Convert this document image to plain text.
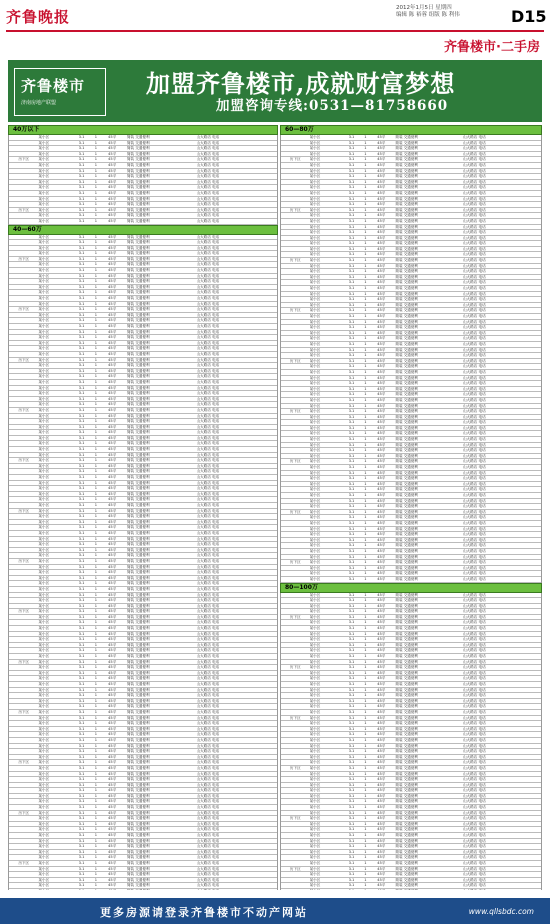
齐鲁晚报	2012年1月5日 星期四
编辑 陈 裕蓉 组版 陈 利伟	D15
齐鲁楼市·二手房
齐鲁楼市
济南房地产联盟
加盟齐鲁楼市,成就财富梦想
加盟咨询专线:0531—81758660
40万以下
某小区	3.1	1	45平	简装 交通便利	山大路店 电话
某小区	3.1	1	45平	简装 交通便利	山大路店 电话
某小区	3.1	1	45平	简装 交通便利	山大路店 电话
某小区	3.1	1	45平	简装 交通便利	山大路店 电话
历下区	某小区	3.1	1	45平	简装 交通便利	山大路店 电话
某小区	3.1	1	45平	简装 交通便利	山大路店 电话
某小区	3.1	1	45平	简装 交通便利	山大路店 电话
某小区	3.1	1	45平	简装 交通便利	山大路店 电话
某小区	3.1	1	45平	简装 交通便利	山大路店 电话
某小区	3.1	1	45平	简装 交通便利	山大路店 电话
某小区	3.1	1	45平	简装 交通便利	山大路店 电话
某小区	3.1	1	45平	简装 交通便利	山大路店 电话
某小区	3.1	1	45平	简装 交通便利	山大路店 电话
历下区	某小区	3.1	1	45平	简装 交通便利	山大路店 电话
某小区	3.1	1	45平	简装 交通便利	山大路店 电话
某小区	3.1	1	45平	简装 交通便利	山大路店 电话
40—60万
某小区	3.1	1	45平	简装 交通便利	山大路店 电话
某小区	3.1	1	45平	简装 交通便利	山大路店 电话
某小区	3.1	1	45平	简装 交通便利	山大路店 电话
某小区	3.1	1	45平	简装 交通便利	山大路店 电话
历下区	某小区	3.1	1	45平	简装 交通便利	山大路店 电话
某小区	3.1	1	45平	简装 交通便利	山大路店 电话
某小区	3.1	1	45平	简装 交通便利	山大路店 电话
某小区	3.1	1	45平	简装 交通便利	山大路店 电话
某小区	3.1	1	45平	简装 交通便利	山大路店 电话
某小区	3.1	1	45平	简装 交通便利	山大路店 电话
某小区	3.1	1	45平	简装 交通便利	山大路店 电话
某小区	3.1	1	45平	简装 交通便利	山大路店 电话
某小区	3.1	1	45平	简装 交通便利	山大路店 电话
历下区	某小区	3.1	1	45平	简装 交通便利	山大路店 电话
某小区	3.1	1	45平	简装 交通便利	山大路店 电话
某小区	3.1	1	45平	简装 交通便利	山大路店 电话
某小区	3.1	1	45平	简装 交通便利	山大路店 电话
某小区	3.1	1	45平	简装 交通便利	山大路店 电话
某小区	3.1	1	45平	简装 交通便利	山大路店 电话
某小区	3.1	1	45平	简装 交通便利	山大路店 电话
某小区	3.1	1	45平	简装 交通便利	山大路店 电话
某小区	3.1	1	45平	简装 交通便利	山大路店 电话
历下区	某小区	3.1	1	45平	简装 交通便利	山大路店 电话
某小区	3.1	1	45平	简装 交通便利	山大路店 电话
某小区	3.1	1	45平	简装 交通便利	山大路店 电话
某小区	3.1	1	45平	简装 交通便利	山大路店 电话
某小区	3.1	1	45平	简装 交通便利	山大路店 电话
某小区	3.1	1	45平	简装 交通便利	山大路店 电话
某小区	3.1	1	45平	简装 交通便利	山大路店 电话
某小区	3.1	1	45平	简装 交通便利	山大路店 电话
某小区	3.1	1	45平	简装 交通便利	山大路店 电话
历下区	某小区	3.1	1	45平	简装 交通便利	山大路店 电话
某小区	3.1	1	45平	简装 交通便利	山大路店 电话
某小区	3.1	1	45平	简装 交通便利	山大路店 电话
某小区	3.1	1	45平	简装 交通便利	山大路店 电话
某小区	3.1	1	45平	简装 交通便利	山大路店 电话
某小区	3.1	1	45平	简装 交通便利	山大路店 电话
某小区	3.1	1	45平	简装 交通便利	山大路店 电话
某小区	3.1	1	45平	简装 交通便利	山大路店 电话
某小区	3.1	1	45平	简装 交通便利	山大路店 电话
历下区	某小区	3.1	1	45平	简装 交通便利	山大路店 电话
某小区	3.1	1	45平	简装 交通便利	山大路店 电话
某小区	3.1	1	45平	简装 交通便利	山大路店 电话
某小区	3.1	1	45平	简装 交通便利	山大路店 电话
某小区	3.1	1	45平	简装 交通便利	山大路店 电话
某小区	3.1	1	45平	简装 交通便利	山大路店 电话
某小区	3.1	1	45平	简装 交通便利	山大路店 电话
某小区	3.1	1	45平	简装 交通便利	山大路店 电话
某小区	3.1	1	45平	简装 交通便利	山大路店 电话
历下区	某小区	3.1	1	45平	简装 交通便利	山大路店 电话
某小区	3.1	1	45平	简装 交通便利	山大路店 电话
某小区	3.1	1	45平	简装 交通便利	山大路店 电话
某小区	3.1	1	45平	简装 交通便利	山大路店 电话
某小区	3.1	1	45平	简装 交通便利	山大路店 电话
某小区	3.1	1	45平	简装 交通便利	山大路店 电话
某小区	3.1	1	45平	简装 交通便利	山大路店 电话
某小区	3.1	1	45平	简装 交通便利	山大路店 电话
某小区	3.1	1	45平	简装 交通便利	山大路店 电话
历下区	某小区	3.1	1	45平	简装 交通便利	山大路店 电话
某小区	3.1	1	45平	简装 交通便利	山大路店 电话
某小区	3.1	1	45平	简装 交通便利	山大路店 电话
某小区	3.1	1	45平	简装 交通便利	山大路店 电话
某小区	3.1	1	45平	简装 交通便利	山大路店 电话
某小区	3.1	1	45平	简装 交通便利	山大路店 电话
某小区	3.1	1	45平	简装 交通便利	山大路店 电话
某小区	3.1	1	45平	简装 交通便利	山大路店 电话
某小区	3.1	1	45平	简装 交通便利	山大路店 电话
历下区	某小区	3.1	1	45平	简装 交通便利	山大路店 电话
某小区	3.1	1	45平	简装 交通便利	山大路店 电话
某小区	3.1	1	45平	简装 交通便利	山大路店 电话
某小区	3.1	1	45平	简装 交通便利	山大路店 电话
某小区	3.1	1	45平	简装 交通便利	山大路店 电话
某小区	3.1	1	45平	简装 交通便利	山大路店 电话
某小区	3.1	1	45平	简装 交通便利	山大路店 电话
某小区	3.1	1	45平	简装 交通便利	山大路店 电话
某小区	3.1	1	45平	简装 交通便利	山大路店 电话
历下区	某小区	3.1	1	45平	简装 交通便利	山大路店 电话
某小区	3.1	1	45平	简装 交通便利	山大路店 电话
某小区	3.1	1	45平	简装 交通便利	山大路店 电话
某小区	3.1	1	45平	简装 交通便利	山大路店 电话
某小区	3.1	1	45平	简装 交通便利	山大路店 电话
某小区	3.1	1	45平	简装 交通便利	山大路店 电话
某小区	3.1	1	45平	简装 交通便利	山大路店 电话
某小区	3.1	1	45平	简装 交通便利	山大路店 电话
某小区	3.1	1	45平	简装 交通便利	山大路店 电话
历下区	某小区	3.1	1	45平	简装 交通便利	山大路店 电话
某小区	3.1	1	45平	简装 交通便利	山大路店 电话
某小区	3.1	1	45平	简装 交通便利	山大路店 电话
某小区	3.1	1	45平	简装 交通便利	山大路店 电话
某小区	3.1	1	45平	简装 交通便利	山大路店 电话
某小区	3.1	1	45平	简装 交通便利	山大路店 电话
某小区	3.1	1	45平	简装 交通便利	山大路店 电话
某小区	3.1	1	45平	简装 交通便利	山大路店 电话
某小区	3.1	1	45平	简装 交通便利	山大路店 电话
历下区	某小区	3.1	1	45平	简装 交通便利	山大路店 电话
某小区	3.1	1	45平	简装 交通便利	山大路店 电话
某小区	3.1	1	45平	简装 交通便利	山大路店 电话
某小区	3.1	1	45平	简装 交通便利	山大路店 电话
某小区	3.1	1	45平	简装 交通便利	山大路店 电话
某小区	3.1	1	45平	简装 交通便利	山大路店 电话
某小区	3.1	1	45平	简装 交通便利	山大路店 电话
某小区	3.1	1	45平	简装 交通便利	山大路店 电话
某小区	3.1	1	45平	简装 交通便利	山大路店 电话
历下区	某小区	3.1	1	45平	简装 交通便利	山大路店 电话
某小区	3.1	1	45平	简装 交通便利	山大路店 电话
某小区	3.1	1	45平	简装 交通便利	山大路店 电话
某小区	3.1	1	45平	简装 交通便利	山大路店 电话
某小区	3.1	1	45平	简装 交通便利	山大路店 电话
某小区	3.1	1	45平	简装 交通便利	山大路店 电话
某小区	3.1	1	45平	简装 交通便利	山大路店 电话
某小区	3.1	1	45平	简装 交通便利	山大路店 电话
某小区	3.1	1	45平	简装 交通便利	山大路店 电话
历下区	某小区	3.1	1	45平	简装 交通便利	山大路店 电话
某小区	3.1	1	45平	简装 交通便利	山大路店 电话
某小区	3.1	1	45平	简装 交通便利	山大路店 电话
某小区	3.1	1	45平	简装 交通便利	山大路店 电话
某小区	3.1	1	45平	简装 交通便利	山大路店 电话
60—80万
某小区	3.1	1	45平	简装 交通便利	山大路店 电话
某小区	3.1	1	45平	简装 交通便利	山大路店 电话
某小区	3.1	1	45平	简装 交通便利	山大路店 电话
某小区	3.1	1	45平	简装 交通便利	山大路店 电话
历下区	某小区	3.1	1	45平	简装 交通便利	山大路店 电话
某小区	3.1	1	45平	简装 交通便利	山大路店 电话
某小区	3.1	1	45平	简装 交通便利	山大路店 电话
某小区	3.1	1	45平	简装 交通便利	山大路店 电话
某小区	3.1	1	45平	简装 交通便利	山大路店 电话
某小区	3.1	1	45平	简装 交通便利	山大路店 电话
某小区	3.1	1	45平	简装 交通便利	山大路店 电话
某小区	3.1	1	45平	简装 交通便利	山大路店 电话
某小区	3.1	1	45平	简装 交通便利	山大路店 电话
历下区	某小区	3.1	1	45平	简装 交通便利	山大路店 电话
某小区	3.1	1	45平	简装 交通便利	山大路店 电话
某小区	3.1	1	45平	简装 交通便利	山大路店 电话
某小区	3.1	1	45平	简装 交通便利	山大路店 电话
某小区	3.1	1	45平	简装 交通便利	山大路店 电话
某小区	3.1	1	45平	简装 交通便利	山大路店 电话
某小区	3.1	1	45平	简装 交通便利	山大路店 电话
某小区	3.1	1	45平	简装 交通便利	山大路店 电话
某小区	3.1	1	45平	简装 交通便利	山大路店 电话
历下区	某小区	3.1	1	45平	简装 交通便利	山大路店 电话
某小区	3.1	1	45平	简装 交通便利	山大路店 电话
某小区	3.1	1	45平	简装 交通便利	山大路店 电话
某小区	3.1	1	45平	简装 交通便利	山大路店 电话
某小区	3.1	1	45平	简装 交通便利	山大路店 电话
某小区	3.1	1	45平	简装 交通便利	山大路店 电话
某小区	3.1	1	45平	简装 交通便利	山大路店 电话
某小区	3.1	1	45平	简装 交通便利	山大路店 电话
某小区	3.1	1	45平	简装 交通便利	山大路店 电话
历下区	某小区	3.1	1	45平	简装 交通便利	山大路店 电话
某小区	3.1	1	45平	简装 交通便利	山大路店 电话
某小区	3.1	1	45平	简装 交通便利	山大路店 电话
某小区	3.1	1	45平	简装 交通便利	山大路店 电话
某小区	3.1	1	45平	简装 交通便利	山大路店 电话
某小区	3.1	1	45平	简装 交通便利	山大路店 电话
某小区	3.1	1	45平	简装 交通便利	山大路店 电话
某小区	3.1	1	45平	简装 交通便利	山大路店 电话
某小区	3.1	1	45平	简装 交通便利	山大路店 电话
历下区	某小区	3.1	1	45平	简装 交通便利	山大路店 电话
某小区	3.1	1	45平	简装 交通便利	山大路店 电话
某小区	3.1	1	45平	简装 交通便利	山大路店 电话
某小区	3.1	1	45平	简装 交通便利	山大路店 电话
某小区	3.1	1	45平	简装 交通便利	山大路店 电话
某小区	3.1	1	45平	简装 交通便利	山大路店 电话
某小区	3.1	1	45平	简装 交通便利	山大路店 电话
某小区	3.1	1	45平	简装 交通便利	山大路店 电话
某小区	3.1	1	45平	简装 交通便利	山大路店 电话
历下区	某小区	3.1	1	45平	简装 交通便利	山大路店 电话
某小区	3.1	1	45平	简装 交通便利	山大路店 电话
某小区	3.1	1	45平	简装 交通便利	山大路店 电话
某小区	3.1	1	45平	简装 交通便利	山大路店 电话
某小区	3.1	1	45平	简装 交通便利	山大路店 电话
某小区	3.1	1	45平	简装 交通便利	山大路店 电话
某小区	3.1	1	45平	简装 交通便利	山大路店 电话
某小区	3.1	1	45平	简装 交通便利	山大路店 电话
某小区	3.1	1	45平	简装 交通便利	山大路店 电话
历下区	某小区	3.1	1	45平	简装 交通便利	山大路店 电话
某小区	3.1	1	45平	简装 交通便利	山大路店 电话
某小区	3.1	1	45平	简装 交通便利	山大路店 电话
某小区	3.1	1	45平	简装 交通便利	山大路店 电话
某小区	3.1	1	45平	简装 交通便利	山大路店 电话
某小区	3.1	1	45平	简装 交通便利	山大路店 电话
某小区	3.1	1	45平	简装 交通便利	山大路店 电话
某小区	3.1	1	45平	简装 交通便利	山大路店 电话
某小区	3.1	1	45平	简装 交通便利	山大路店 电话
历下区	某小区	3.1	1	45平	简装 交通便利	山大路店 电话
某小区	3.1	1	45平	简装 交通便利	山大路店 电话
某小区	3.1	1	45平	简装 交通便利	山大路店 电话
某小区	3.1	1	45平	简装 交通便利	山大路店 电话
某小区	3.1	1	45平	简装 交通便利	山大路店 电话
某小区	3.1	1	45平	简装 交通便利	山大路店 电话
某小区	3.1	1	45平	简装 交通便利	山大路店 电话
某小区	3.1	1	45平	简装 交通便利	山大路店 电话
某小区	3.1	1	45平	简装 交通便利	山大路店 电话
历下区	某小区	3.1	1	45平	简装 交通便利	山大路店 电话
某小区	3.1	1	45平	简装 交通便利	山大路店 电话
某小区	3.1	1	45平	简装 交通便利	山大路店 电话
某小区	3.1	1	45平	简装 交通便利	山大路店 电话
80—100万
某小区	3.1	1	45平	简装 交通便利	山大路店 电话
某小区	3.1	1	45平	简装 交通便利	山大路店 电话
某小区	3.1	1	45平	简装 交通便利	山大路店 电话
某小区	3.1	1	45平	简装 交通便利	山大路店 电话
历下区	某小区	3.1	1	45平	简装 交通便利	山大路店 电话
某小区	3.1	1	45平	简装 交通便利	山大路店 电话
某小区	3.1	1	45平	简装 交通便利	山大路店 电话
某小区	3.1	1	45平	简装 交通便利	山大路店 电话
某小区	3.1	1	45平	简装 交通便利	山大路店 电话
某小区	3.1	1	45平	简装 交通便利	山大路店 电话
某小区	3.1	1	45平	简装 交通便利	山大路店 电话
某小区	3.1	1	45平	简装 交通便利	山大路店 电话
某小区	3.1	1	45平	简装 交通便利	山大路店 电话
历下区	某小区	3.1	1	45平	简装 交通便利	山大路店 电话
某小区	3.1	1	45平	简装 交通便利	山大路店 电话
某小区	3.1	1	45平	简装 交通便利	山大路店 电话
某小区	3.1	1	45平	简装 交通便利	山大路店 电话
某小区	3.1	1	45平	简装 交通便利	山大路店 电话
某小区	3.1	1	45平	简装 交通便利	山大路店 电话
某小区	3.1	1	45平	简装 交通便利	山大路店 电话
某小区	3.1	1	45平	简装 交通便利	山大路店 电话
某小区	3.1	1	45平	简装 交通便利	山大路店 电话
历下区	某小区	3.1	1	45平	简装 交通便利	山大路店 电话
某小区	3.1	1	45平	简装 交通便利	山大路店 电话
某小区	3.1	1	45平	简装 交通便利	山大路店 电话
某小区	3.1	1	45平	简装 交通便利	山大路店 电话
某小区	3.1	1	45平	简装 交通便利	山大路店 电话
某小区	3.1	1	45平	简装 交通便利	山大路店 电话
某小区	3.1	1	45平	简装 交通便利	山大路店 电话
某小区	3.1	1	45平	简装 交通便利	山大路店 电话
某小区	3.1	1	45平	简装 交通便利	山大路店 电话
历下区	某小区	3.1	1	45平	简装 交通便利	山大路店 电话
某小区	3.1	1	45平	简装 交通便利	山大路店 电话
某小区	3.1	1	45平	简装 交通便利	山大路店 电话
某小区	3.1	1	45平	简装 交通便利	山大路店 电话
某小区	3.1	1	45平	简装 交通便利	山大路店 电话
某小区	3.1	1	45平	简装 交通便利	山大路店 电话
某小区	3.1	1	45平	简装 交通便利	山大路店 电话
某小区	3.1	1	45平	简装 交通便利	山大路店 电话
某小区	3.1	1	45平	简装 交通便利	山大路店 电话
历下区	某小区	3.1	1	45平	简装 交通便利	山大路店 电话
某小区	3.1	1	45平	简装 交通便利	山大路店 电话
某小区	3.1	1	45平	简装 交通便利	山大路店 电话
某小区	3.1	1	45平	简装 交通便利	山大路店 电话
某小区	3.1	1	45平	简装 交通便利	山大路店 电话
某小区	3.1	1	45平	简装 交通便利	山大路店 电话
某小区	3.1	1	45平	简装 交通便利	山大路店 电话
某小区	3.1	1	45平	简装 交通便利	山大路店 电话
某小区	3.1	1	45平	简装 交通便利	山大路店 电话
历下区	某小区	3.1	1	45平	简装 交通便利	山大路店 电话
某小区	3.1	1	45平	简装 交通便利	山大路店 电话
某小区	3.1	1	45平	简装 交通便利	山大路店 电话
某小区	3.1	1	45平	简装 交通便利	山大路店 电话
更多房源请登录齐鲁楼市不动产网站	www.qllsbdc.com
